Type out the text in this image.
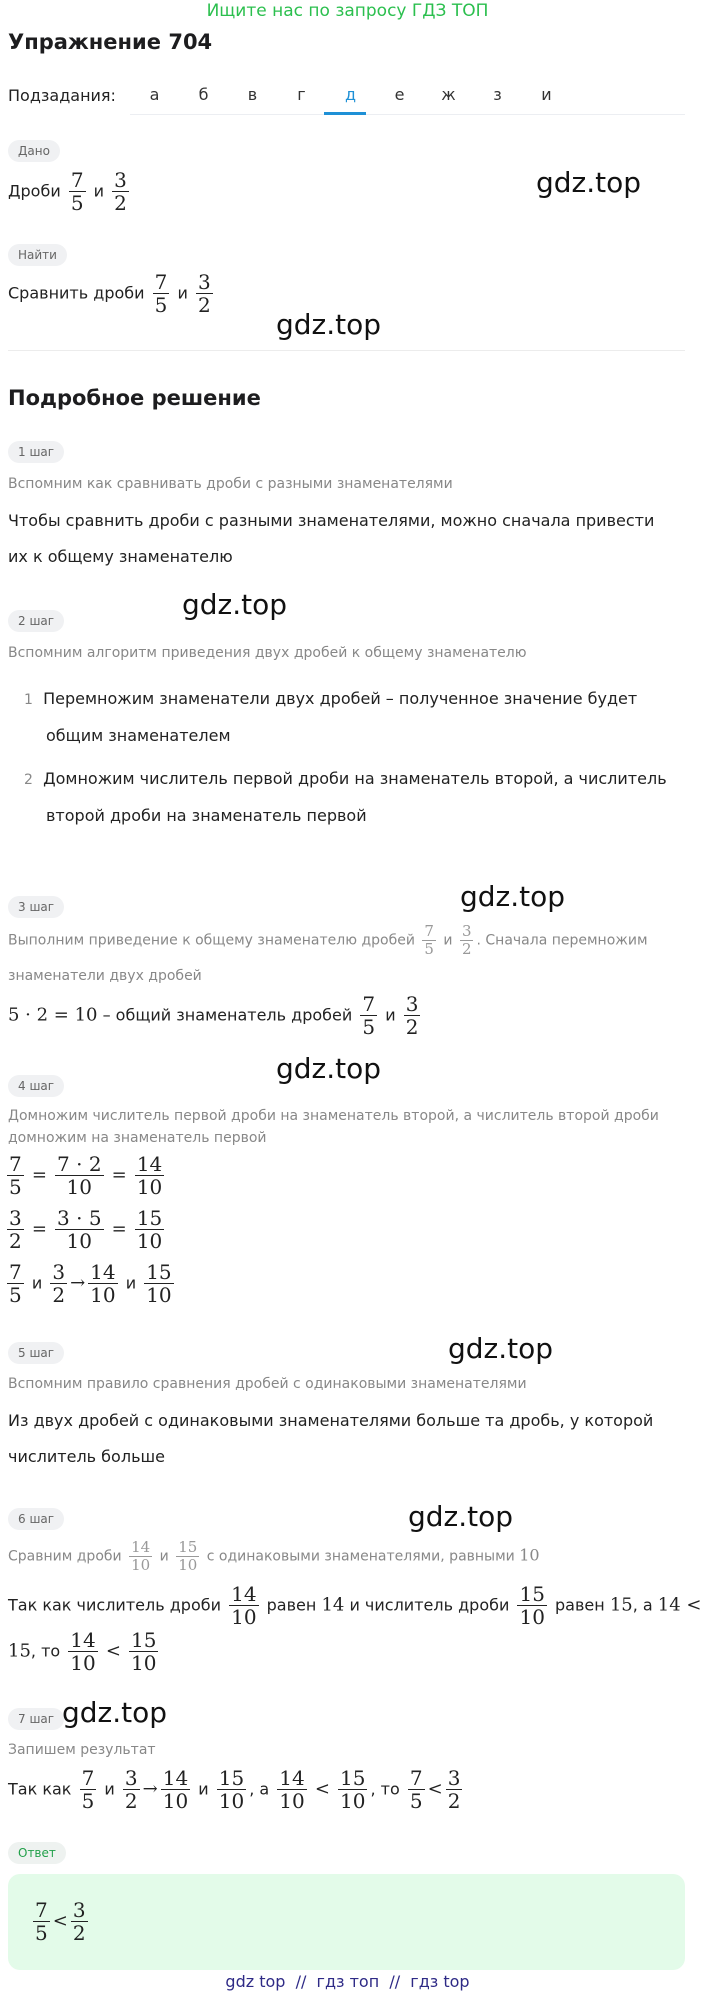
Ищите нас по запросу ГДЗ ТОП
Упражнение 704
Подзадания:	а	б	в	г	д	е	ж	з	и
Дано
Дроби $\frac{7}{5}$ и $\frac{3}{2}$	gdz.top
Найти
Сравнить дроби $\frac{7}{5}$ и $\frac{3}{2}$
gdz.top
Подробное решение
1 шаг
Вспомним как сравнивать дроби с разными знаменателями
Чтобы сравнить дроби с разными знаменателями, можно сначала привести
их к общему знаменателю
gdz.top
2 шаг
Вспомним алгоритм приведения двух дробей к общему знаменателю
1 Перемножим знаменатели двух дробей – полученное значение будет
общим знаменателем
2 Домножим числитель первой дроби на знаменатель второй, а числитель
второй дроби на знаменатель первой
gdz.top
3 шаг
Выполним приведение к общему знаменателю дробей $\frac{7}{5}$ и $\frac{3}{2}$ . Сначала перемножим
знаменатели двух дробей
5 · 2 = 10 – общий знаменатель дробей $\frac{7}{5}$ и $\frac{3}{2}$
gdz.top
4 шаг
Домножим числитель первой дроби на знаменатель второй, а числитель второй дроби
домножим на знаменатель первой
$\frac{7}{5} = \frac{7 \cdot 2}{10} = \frac{14}{10}$
$\frac{3}{2} = \frac{3 \cdot 5}{10} = \frac{15}{10}$
$\frac{7}{5}$ и $\frac{3}{2} \to \frac{14}{10}$ и $\frac{15}{10}$
gdz.top
5 шаг
Вспомним правило сравнения дробей с одинаковыми знаменателями
Из двух дробей с одинаковыми знаменателями больше та дробь, у которой
числитель больше
gdz.top
6 шаг
Сравним дроби $\frac{14}{10}$ и $\frac{15}{10}$ с одинаковыми знаменателями, равными 10
Так как числитель дроби $\frac{14}{10}$ равен 14 и числитель дроби $\frac{15}{10}$ равен 15, а 14 <
15, то $\frac{14}{10} < \frac{15}{10}$
7 шаг gdz.top
Запишем результат
Так как $\frac{7}{5}$ и $\frac{3}{2} \to \frac{14}{10}$ и $\frac{15}{10}$ , а $\frac{14}{10} < \frac{15}{10}$ , то $\frac{7}{5} < \frac{3}{2}$
Ответ
$\frac{7}{5} < \frac{3}{2}$
gdz top  //  гдз топ  //  гдз top
